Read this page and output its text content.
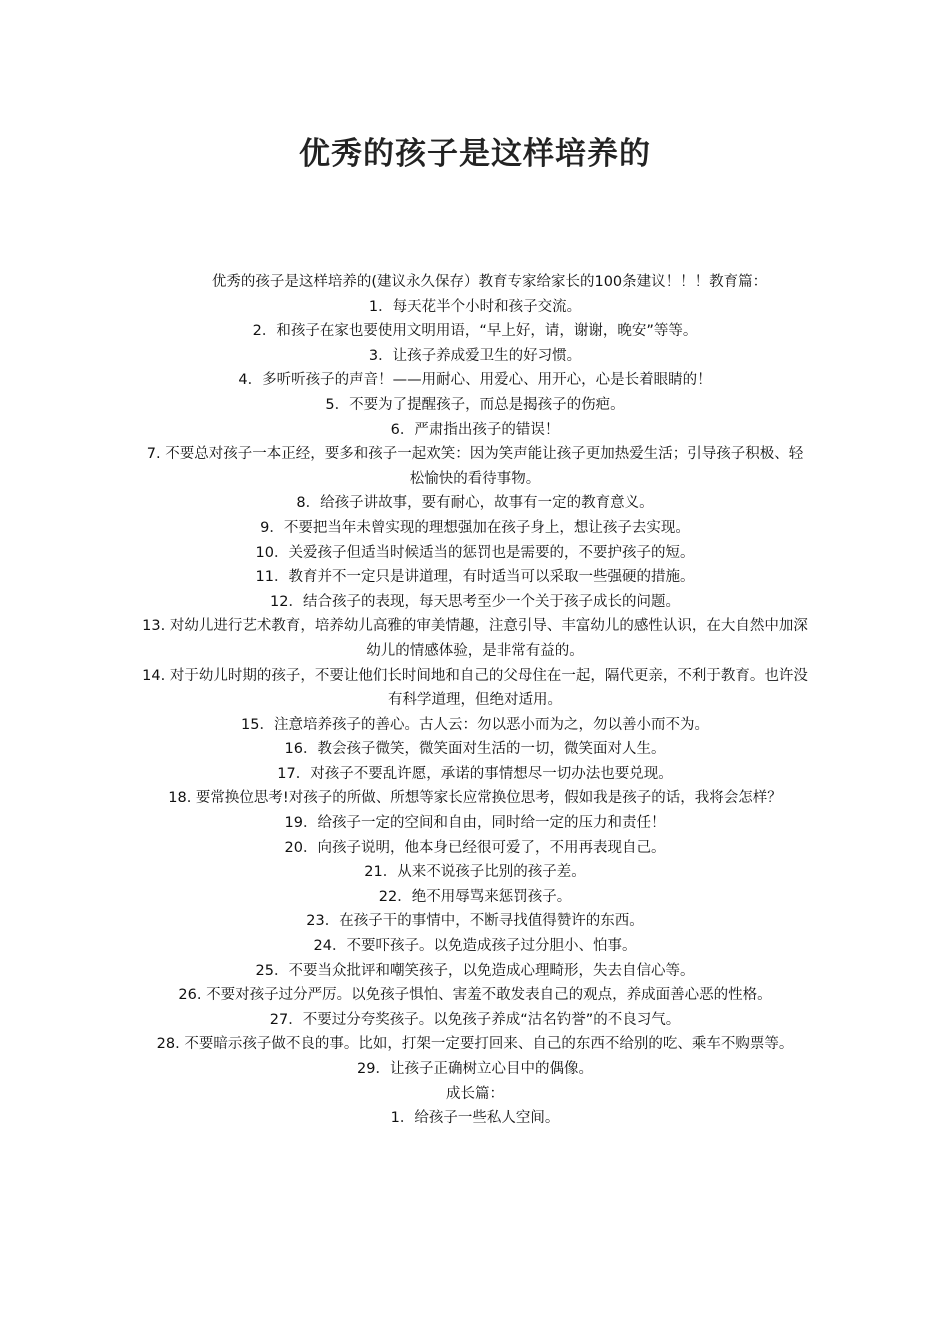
优秀的孩子是这样培养的

优秀的孩子是这样培养的(建议永久保存）教育专家给家长的100条建议！！！教育篇：

1．每天花半个小时和孩子交流。

2．和孩子在家也要使用文明用语，“早上好，请，谢谢，晚安”等等。

3．让孩子养成爱卫生的好习惯。

4．多听听孩子的声音！——用耐心、用爱心、用开心，心是长着眼睛的！

5．不要为了提醒孩子，而总是揭孩子的伤疤。

6．严肃指出孩子的错误！

7. 不要总对孩子一本正经，要多和孩子一起欢笑：因为笑声能让孩子更加热爱生活；引导孩子积极、轻松愉快的看待事物。

8．给孩子讲故事，要有耐心，故事有一定的教育意义。

9．不要把当年未曾实现的理想强加在孩子身上，想让孩子去实现。

10．关爱孩子但适当时候适当的惩罚也是需要的，不要护孩子的短。

11．教育并不一定只是讲道理，有时适当可以采取一些强硬的措施。

12．结合孩子的表现，每天思考至少一个关于孩子成长的问题。

13. 对幼儿进行艺术教育，培养幼儿高雅的审美情趣，注意引导、丰富幼儿的感性认识，在大自然中加深幼儿的情感体验，是非常有益的。

14. 对于幼儿时期的孩子，不要让他们长时间地和自己的父母住在一起，隔代更亲，不利于教育。也许没有科学道理，但绝对适用。

15．注意培养孩子的善心。古人云：勿以恶小而为之，勿以善小而不为。

16．教会孩子微笑，微笑面对生活的一切，微笑面对人生。

17．对孩子不要乱许愿，承诺的事情想尽一切办法也要兑现。

18. 要常换位思考!对孩子的所做、所想等家长应常换位思考，假如我是孩子的话，我将会怎样？

19．给孩子一定的空间和自由，同时给一定的压力和责任！

20．向孩子说明，他本身已经很可爱了，不用再表现自己。

21．从来不说孩子比别的孩子差。

22．绝不用辱骂来惩罚孩子。

23．在孩子干的事情中，不断寻找值得赞许的东西。

24．不要吓孩子。以免造成孩子过分胆小、怕事。

25．不要当众批评和嘲笑孩子，以免造成心理畸形，失去自信心等。

26. 不要对孩子过分严厉。以免孩子惧怕、害羞不敢发表自己的观点，养成面善心恶的性格。

27．不要过分夸奖孩子。以免孩子养成“沽名钓誉”的不良习气。

28. 不要暗示孩子做不良的事。比如，打架一定要打回来、自己的东西不给别的吃、乘车不购票等。

29．让孩子正确树立心目中的偶像。

成长篇：

1．给孩子一些私人空间。
